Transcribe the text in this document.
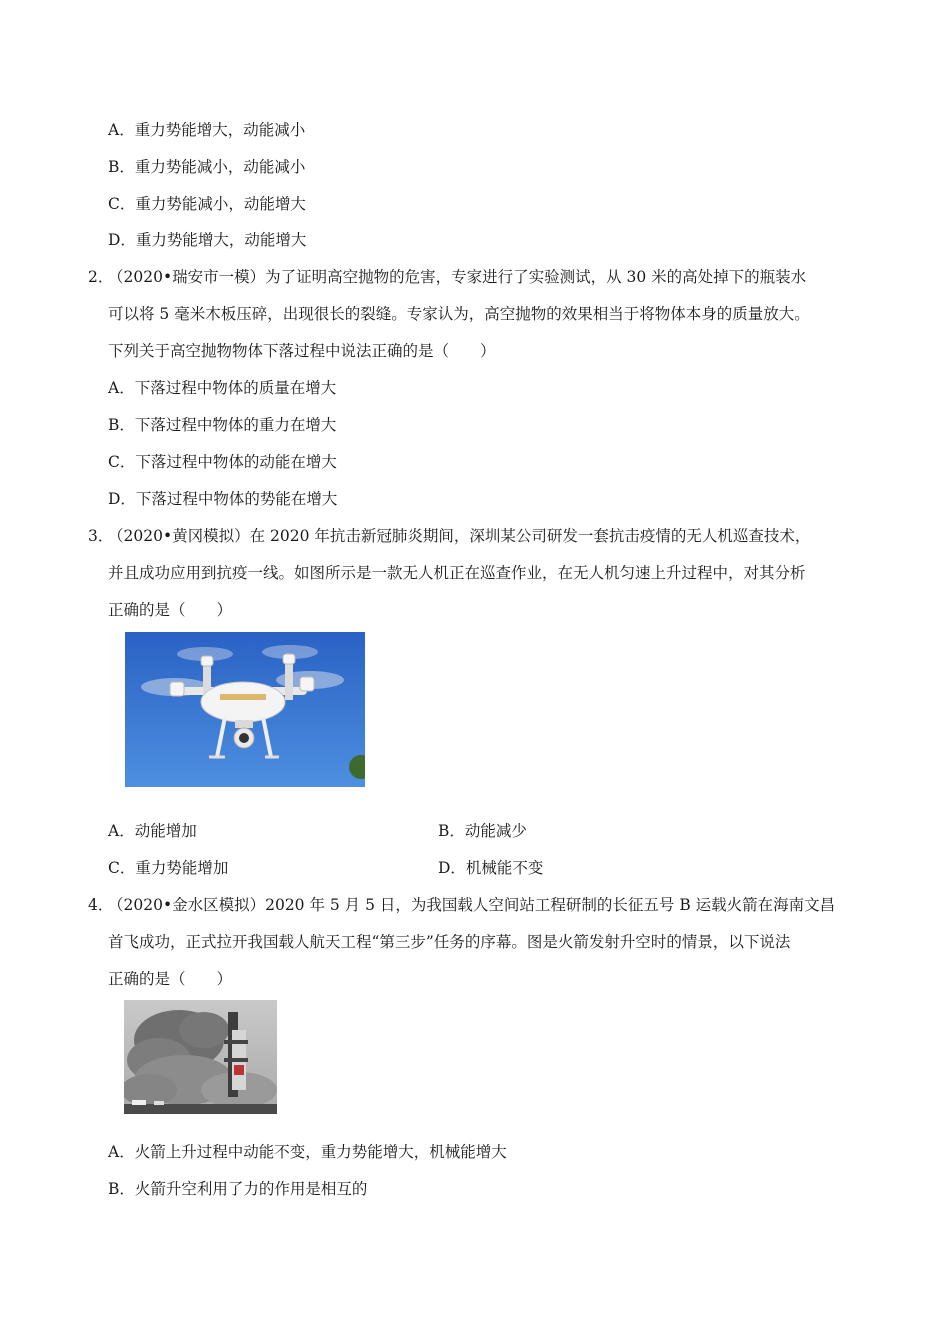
A．重力势能增大，动能减小
B．重力势能减小，动能减小
C．重力势能减小，动能增大
D．重力势能增大，动能增大
2．
（2020•瑞安市一模）为了证明高空抛物的危害，专家进行了实验测试，从 30 米的高处掉下的瓶装水
可以将 5 毫米木板压碎，出现很长的裂缝。专家认为，高空抛物的效果相当于将物体本身的质量放大。
下列关于高空抛物物体下落过程中说法正确的是（　　）
A．下落过程中物体的质量在增大
B．下落过程中物体的重力在增大
C．下落过程中物体的动能在增大
D．下落过程中物体的势能在增大
3．
（2020•黄冈模拟）在 2020 年抗击新冠肺炎期间，深圳某公司研发一套抗击疫情的无人机巡查技术，
并且成功应用到抗疫一线。如图所示是一款无人机正在巡查作业，在无人机匀速上升过程中，对其分析
正确的是（　　）
A．动能增加	B．动能减少
C．重力势能增加	D．机械能不变
4．
（2020•金水区模拟）2020 年 5 月 5 日，为我国载人空间站工程研制的长征五号 B 运载火箭在海南文昌
首飞成功，正式拉开我国载人航天工程“第三步”任务的序幕。图是火箭发射升空时的情景，以下说法
正确的是（　　）
A．火箭上升过程中动能不变，重力势能增大，机械能增大
B．火箭升空利用了力的作用是相互的
